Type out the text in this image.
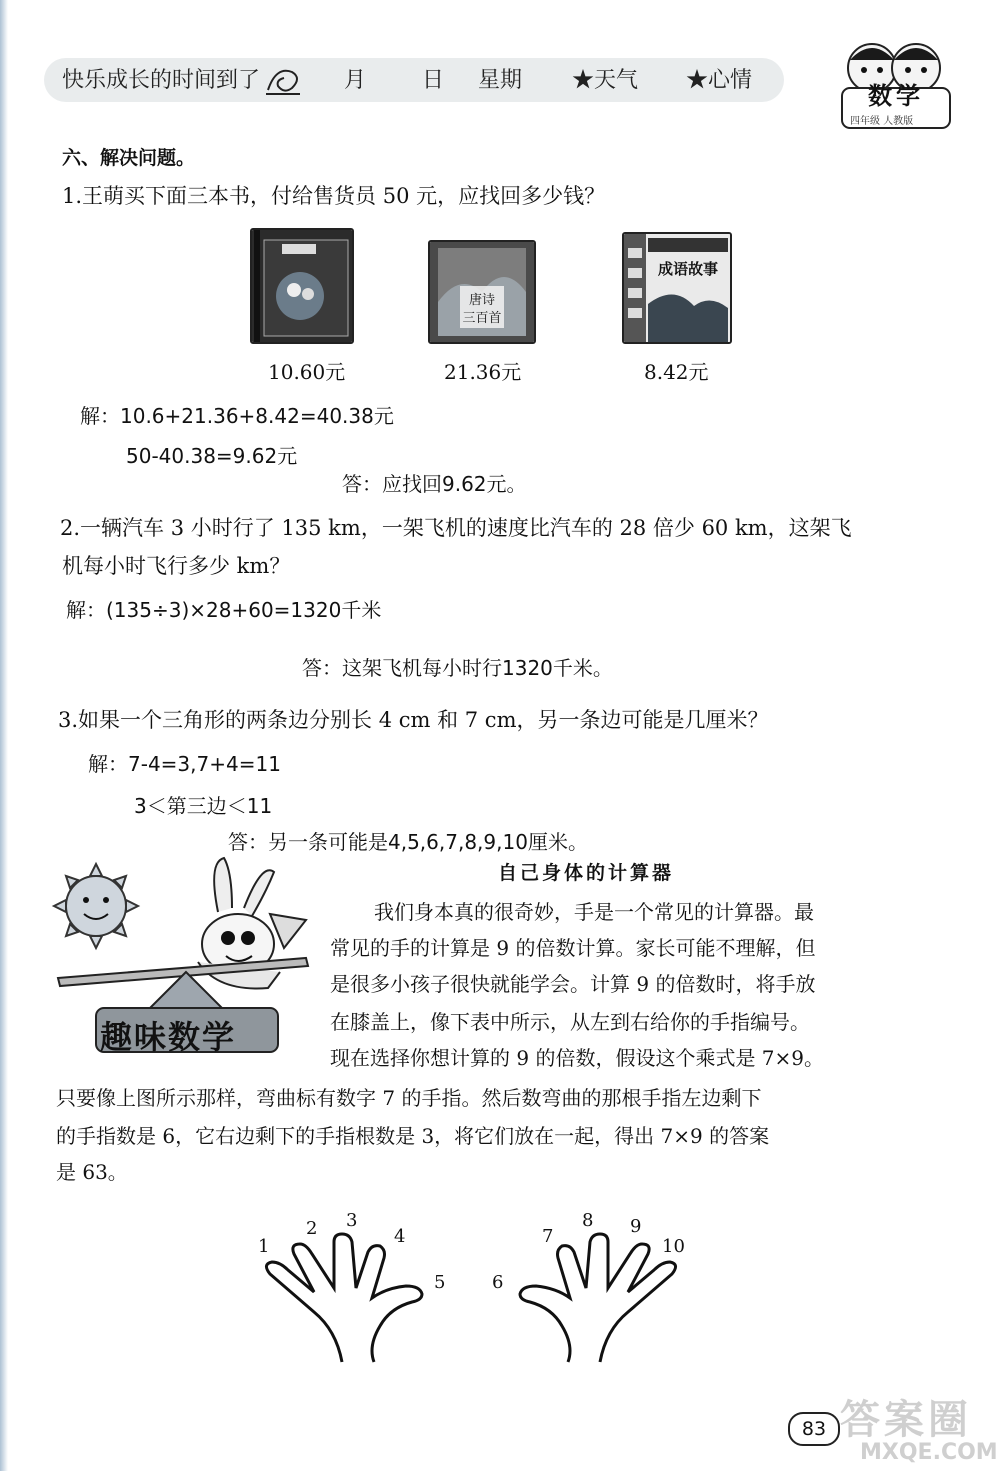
快乐成长的时间到了	月	日 星期 ★天气 ★心情
数学
四年级 人教版
六、解决问题。
1.王萌买下面三本书，付给售货员 50 元，应找回多少钱？
唐诗
三百首
成语故事
10.60元	21.36元	8.42元
解：10.6+21.36+8.42=40.38元
50-40.38=9.62元
答：应找回9.62元。
2.一辆汽车 3 小时行了 135 km，一架飞机的速度比汽车的 28 倍少 60 km，这架飞
机每小时飞行多少 km？
解：(135÷3)×28+60=1320千米
答：这架飞机每小时行1320千米。
3.如果一个三角形的两条边分别长 4 cm 和 7 cm，另一条边可能是几厘米？
解：7-4=3,7+4=11
3＜第三边＜11
答：另一条可能是4,5,6,7,8,9,10厘米。
趣味数学
自己身体的计算器
我们身本真的很奇妙，手是一个常见的计算器。最
常见的手的计算是 9 的倍数计算。家长可能不理解，但
是很多小孩子很快就能学会。计算 9 的倍数时，将手放
在膝盖上，像下表中所示，从左到右给你的手指编号。
现在选择你想计算的 9 的倍数，假设这个乘式是 7×9。
只要像上图所示那样，弯曲标有数字 7 的手指。然后数弯曲的那根手指左边剩下
的手指数是 6，它右边剩下的手指根数是 3，将它们放在一起，得出 7×9 的答案
是 63。
1
2 3
4
5	6
7
8 9
10
83 答案圈
MXQE.COM
